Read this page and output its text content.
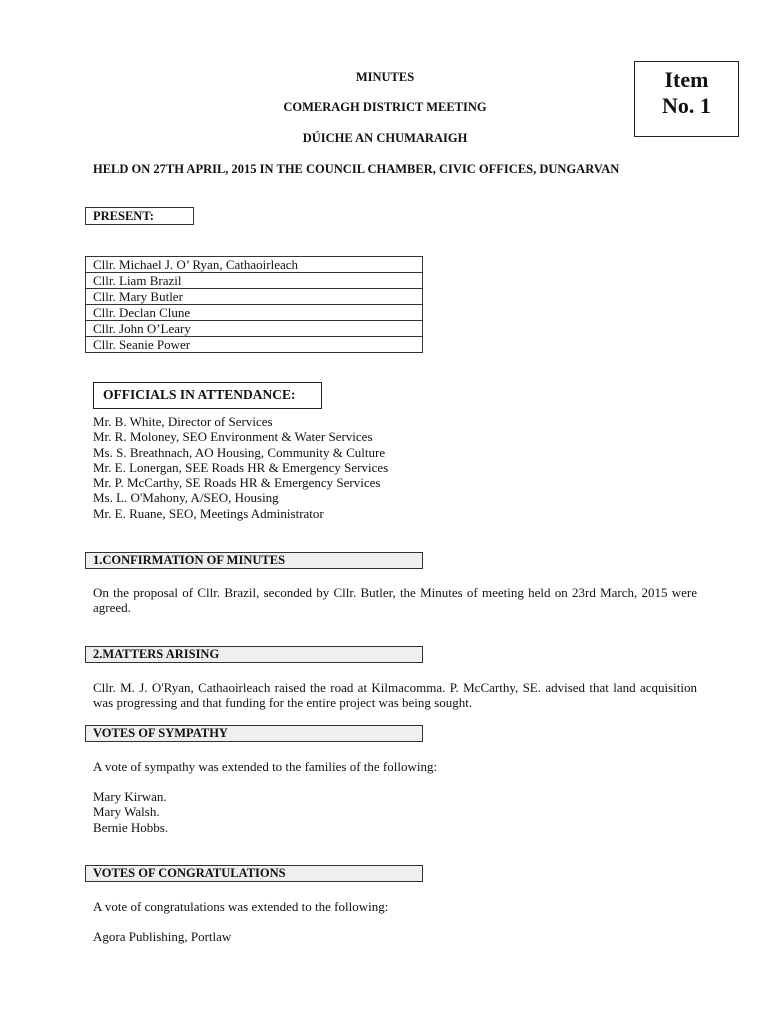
MINUTES
COMERAGH DISTRICT MEETING
DÚICHE AN CHUMARAIGH
Item
No. 1
HELD ON 27TH APRIL, 2015 IN THE COUNCIL CHAMBER, CIVIC OFFICES, DUNGARVAN
PRESENT:
Cllr. Michael J. O’ Ryan, Cathaoirleach
Cllr. Liam Brazil
Cllr. Mary Butler
Cllr. Declan Clune
Cllr. John O’Leary
Cllr. Seanie Power
OFFICIALS IN ATTENDANCE:
Mr. B. White, Director of Services
Mr. R. Moloney, SEO Environment & Water Services
Ms. S. Breathnach, AO Housing, Community & Culture
Mr. E. Lonergan, SEE Roads HR & Emergency Services
Mr. P. McCarthy, SE Roads HR & Emergency Services
Ms. L. O'Mahony, A/SEO, Housing
Mr. E. Ruane, SEO, Meetings Administrator
1.CONFIRMATION OF MINUTES
On the proposal of Cllr. Brazil, seconded by Cllr. Butler, the Minutes of meeting held on 23rd March, 2015 were agreed.
2.MATTERS ARISING
Cllr. M. J. O'Ryan, Cathaoirleach raised the road at Kilmacomma. P. McCarthy, SE. advised that land acquisition was progressing and that funding for the entire project was being sought.
VOTES OF SYMPATHY
A vote of sympathy was extended to the families of the following:
Mary Kirwan.
Mary Walsh.
Bernie Hobbs.
VOTES OF CONGRATULATIONS
A vote of congratulations was extended to the following:
Agora Publishing, Portlaw
